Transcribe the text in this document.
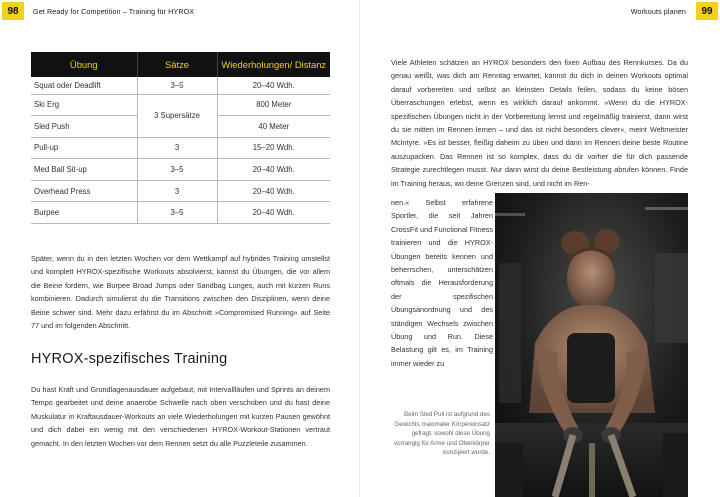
98	Get Ready for Competition – Training für HYROX
Übung	Sätze	Wiederholungen/ Distanz
Squat oder Deadlift	3–5	20–40 Wdh.
Ski Erg	3 Supersätze	800 Meter
Sled Push		40 Meter
Pull-up	3	15–20 Wdh.
Med Ball Sit-up	3–5	20–40 Wdh.
Overhead Press	3	20–40 Wdh.
Burpee	3–5	20–40 Wdh.

Später, wenn du in den letzten Wochen vor dem Wettkampf auf hybrides Training umstellst und komplett HYROX-spezifische Workouts absolvierst, kannst du Übungen, die vor allem die Beine fordern, wie Burpee Broad Jumps oder Sandbag Lunges, auch mit kurzen Runs kombinieren. Dadurch simulierst du die Transitions zwischen den Disziplinen, wenn deine Beine schwer sind. Mehr dazu erfährst du im Abschnitt »Compromised Running« auf Seite 77 und im folgenden Abschnitt.

HYROX-spezifisches Training

Du hast Kraft und Grundlagenausdauer aufgebaut, mit Intervallläufen und Sprints an deinem Tempo gearbeitet und deine anaerobe Schwelle nach oben verschoben und du hast deine Muskulatur in Kraftausdauer-Workouts an viele Wiederholungen mit kurzen Pausen gewöhnt und dich dabei ein wenig mit den verschiedenen HYROX-Workout-Stationen vertraut gemacht. In den letzten Wochen vor dem Rennen setzt du alle Puzzleteile zusammen.

Workouts planen	99

Viele Athleten schätzen an HYROX besonders den fixen Aufbau des Rennkurses. Da du genau weißt, was dich am Renntag erwartet, kannst du dich in deinen Workouts optimal darauf vorbereiten und selbst an kleinsten Details feilen, sodass du keine bösen Überraschungen erlebst, wenn es wirklich darauf ankommt. »Wenn du die HYROX-spezifischen Übungen nicht in der Vorbereitung lernst und regelmäßig trainierst, dann wirst du sie mitten im Rennen lernen – und das ist nicht besonders clever«, meint Weltmeister McIntyre. »Es ist besser, fleißig daheim zu üben und dann im Rennen deine beste Routine auszupacken. Das Rennen ist so komplex, dass du dir vorher die für dich passende Strategie zurechtlegen musst. Nur dann wirst du deine Bestleistung abrufen können. Finde im Training heraus, wo deine Grenzen sind, und nicht im Ren-

nen.« Selbst erfahrene Sportler, die seit Jahren CrossFit und Functional Fitness trainieren und die HYROX-Übungen bereits kennen und beherrschen, unterschätzen oftmals die Herausforderung der spezifischen Übungsanordnung und des ständigen Wechsels zwischen Übung und Run. Diese Belastung gilt es, im Training immer wieder zu

Beim Sled Pull ist aufgrund des Gewichts maximaler Körpereinsatz gefragt, sowohl diese Übung vorrangig für Arme und Oberkörper konzipiert wurde.
